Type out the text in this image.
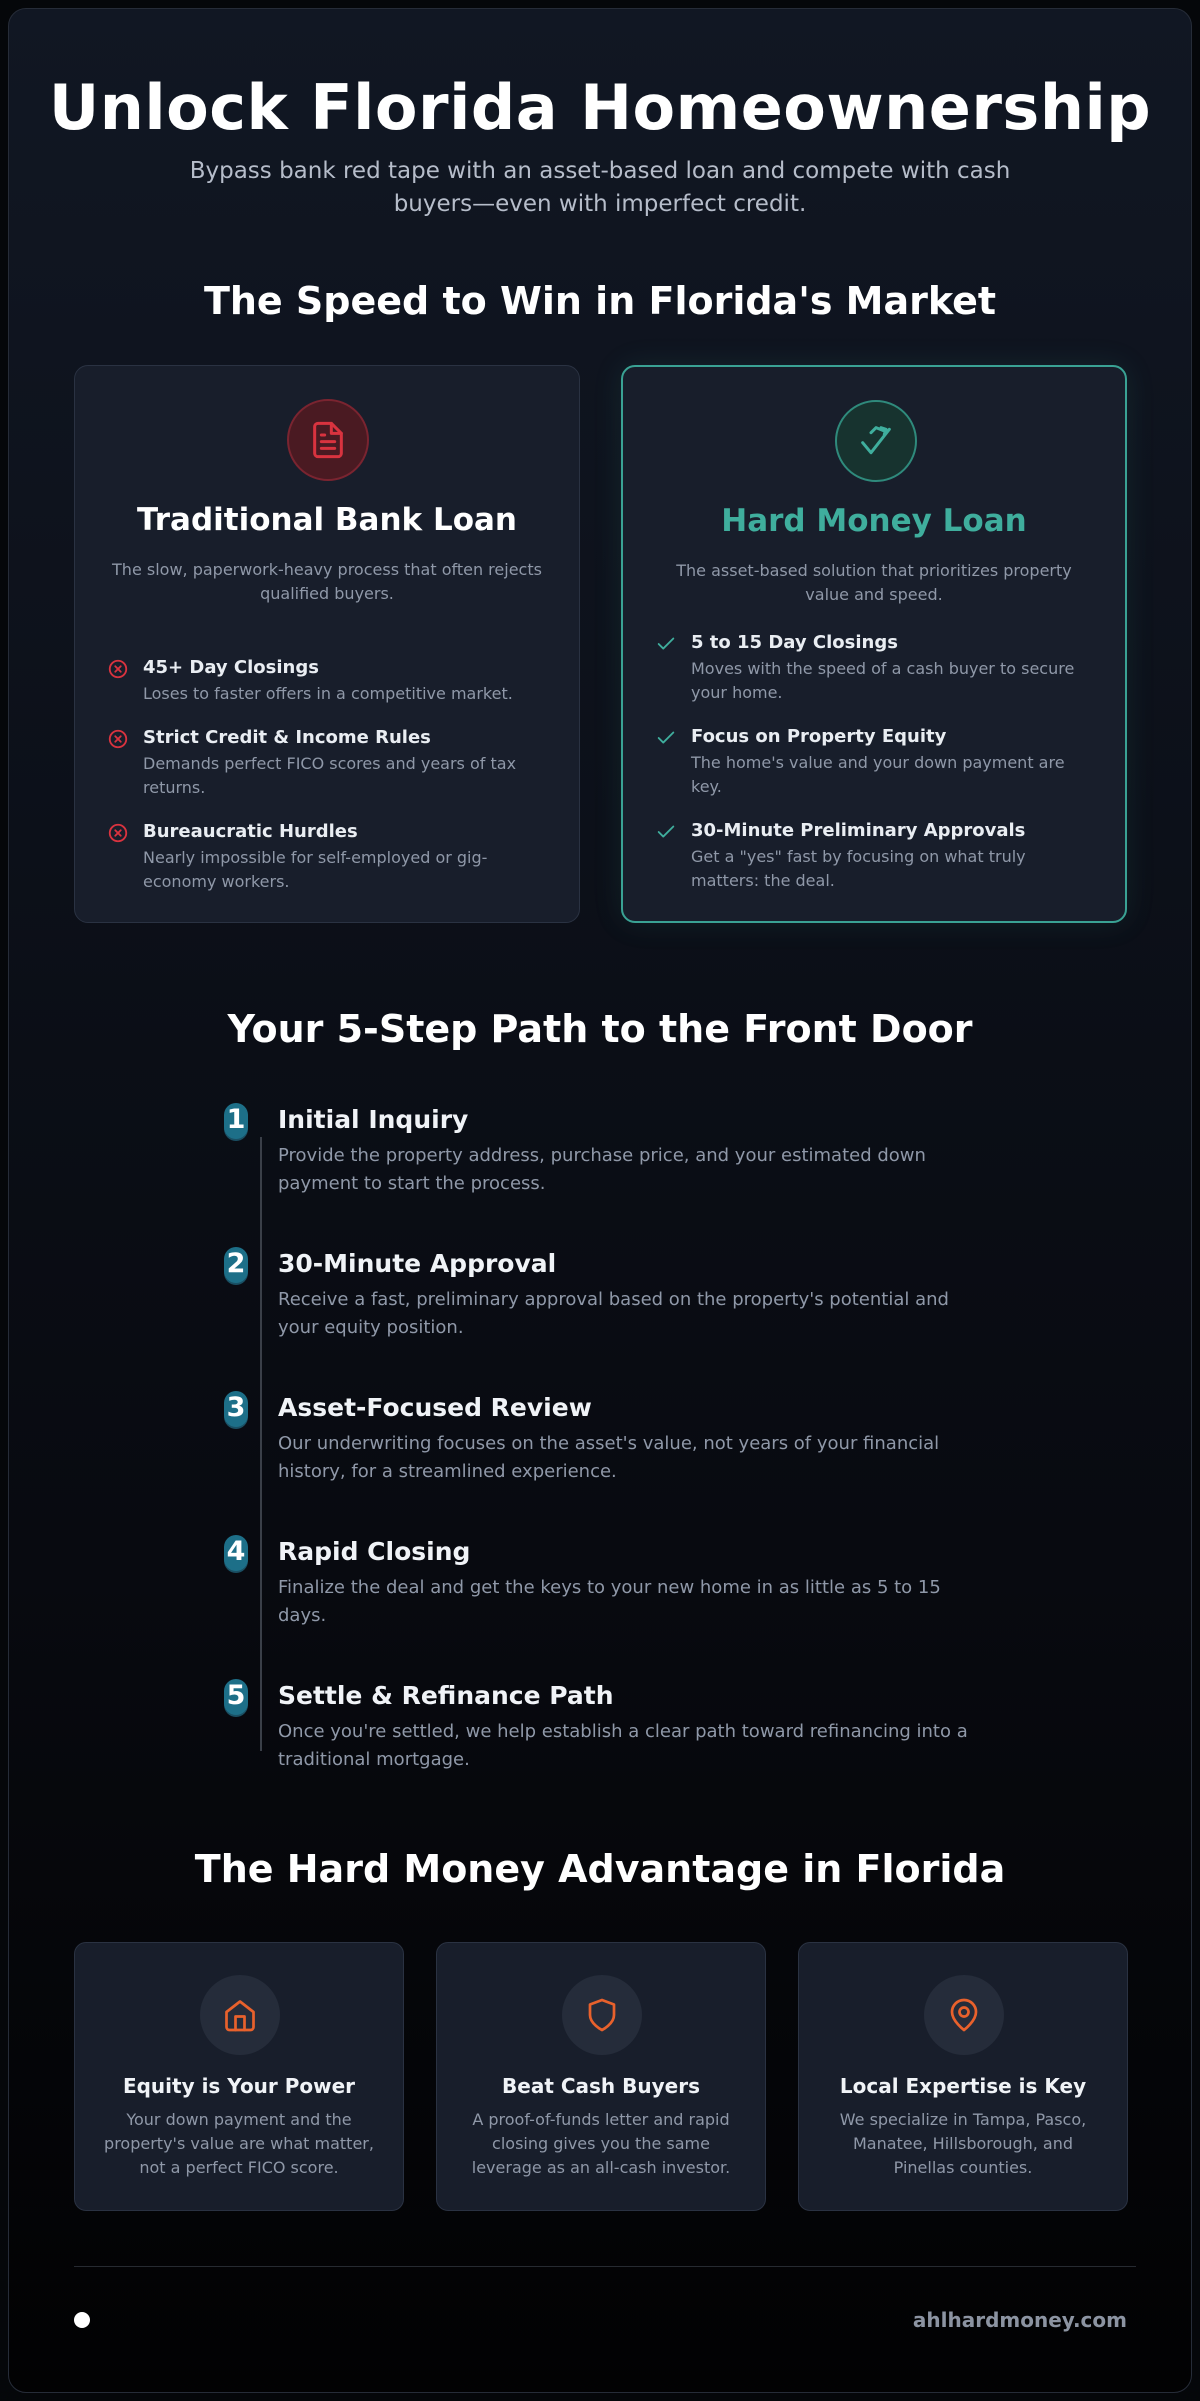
Unlock Florida Homeownership

Bypass bank red tape with an asset-based loan and compete with cash buyers—even with imperfect credit.

The Speed to Win in Florida's Market
Traditional Bank Loan
The slow, paperwork-heavy process that often rejects qualified buyers.
45+ Day Closings
Loses to faster offers in a competitive market.
Strict Credit & Income Rules
Demands perfect FICO scores and years of tax returns.
Bureaucratic Hurdles
Nearly impossible for self-employed or gig-economy workers.
Hard Money Loan
The asset-based solution that prioritizes property value and speed.
5 to 15 Day Closings
Moves with the speed of a cash buyer to secure your home.
Focus on Property Equity
The home's value and your down payment are key.
30-Minute Preliminary Approvals
Get a "yes" fast by focusing on what truly matters: the deal.
Your 5-Step Path to the Front Door
1 Initial Inquiry
Provide the property address, purchase price, and your estimated down payment to start the process.
2 30-Minute Approval
Receive a fast, preliminary approval based on the property's potential and your equity position.
3 Asset-Focused Review
Our underwriting focuses on the asset's value, not years of your financial history, for a streamlined experience.
4 Rapid Closing
Finalize the deal and get the keys to your new home in as little as 5 to 15 days.
5 Settle & Refinance Path
Once you're settled, we help establish a clear path toward refinancing into a traditional mortgage.
The Hard Money Advantage in Florida
Equity is Your Power
Your down payment and the property's value are what matter, not a perfect FICO score.
Beat Cash Buyers
A proof-of-funds letter and rapid closing gives you the same leverage as an all-cash investor.
Local Expertise is Key
We specialize in Tampa, Pasco, Manatee, Hillsborough, and Pinellas counties.
ahlhardmoney.com
